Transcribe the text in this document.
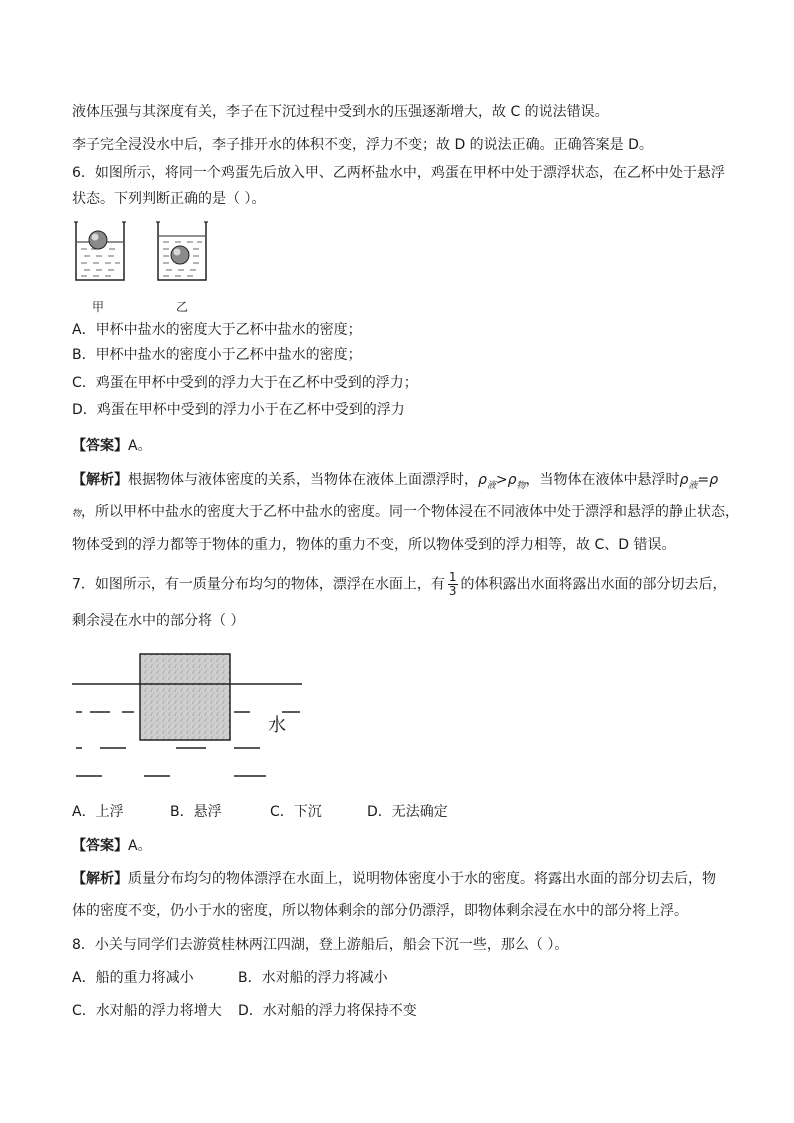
液体压强与其深度有关，李子在下沉过程中受到水的压强逐渐增大，故 C 的说法错误。
李子完全浸没水中后，李子排开水的体积不变，浮力不变；故 D 的说法正确。正确答案是 D。
6．如图所示，将同一个鸡蛋先后放入甲、乙两杯盐水中，鸡蛋在甲杯中处于漂浮状态，在乙杯中处于悬浮
状态。下列判断正确的是（ ）。
甲	乙
A．甲杯中盐水的密度大于乙杯中盐水的密度；
B．甲杯中盐水的密度小于乙杯中盐水的密度；
C．鸡蛋在甲杯中受到的浮力大于在乙杯中受到的浮力；
D．鸡蛋在甲杯中受到的浮力小于在乙杯中受到的浮力
【答案】A。
【解析】根据物体与液体密度的关系，当物体在液体上面漂浮时，$\rho_液>\rho_物$，当物体在液体中悬浮时$\rho_液=\rho$
物，所以甲杯中盐水的密度大于乙杯中盐水的密度。同一个物体浸在不同液体中处于漂浮和悬浮的静止状态，
物体受到的浮力都等于物体的重力，物体的重力不变，所以物体受到的浮力相等，故 C、D 错误。
7．如图所示，有一质量分布均匀的物体，漂浮在水面上，有 $\frac{1}{3}$ 的体积露出水面将露出水面的部分切去后，
剩余浸在水中的部分将（ ）
水
A．上浮	B．悬浮	C．下沉	D．无法确定
【答案】A。
【解析】质量分布均匀的物体漂浮在水面上，说明物体密度小于水的密度。将露出水面的部分切去后，物
体的密度不变，仍小于水的密度，所以物体剩余的部分仍漂浮，即物体剩余浸在水中的部分将上浮。
8．小关与同学们去游赏桂林两江四湖，登上游船后，船会下沉一些，那么（ ）。
A．船的重力将减小	B．水对船的浮力将减小
C．水对船的浮力将增大 D．水对船的浮力将保持不变
